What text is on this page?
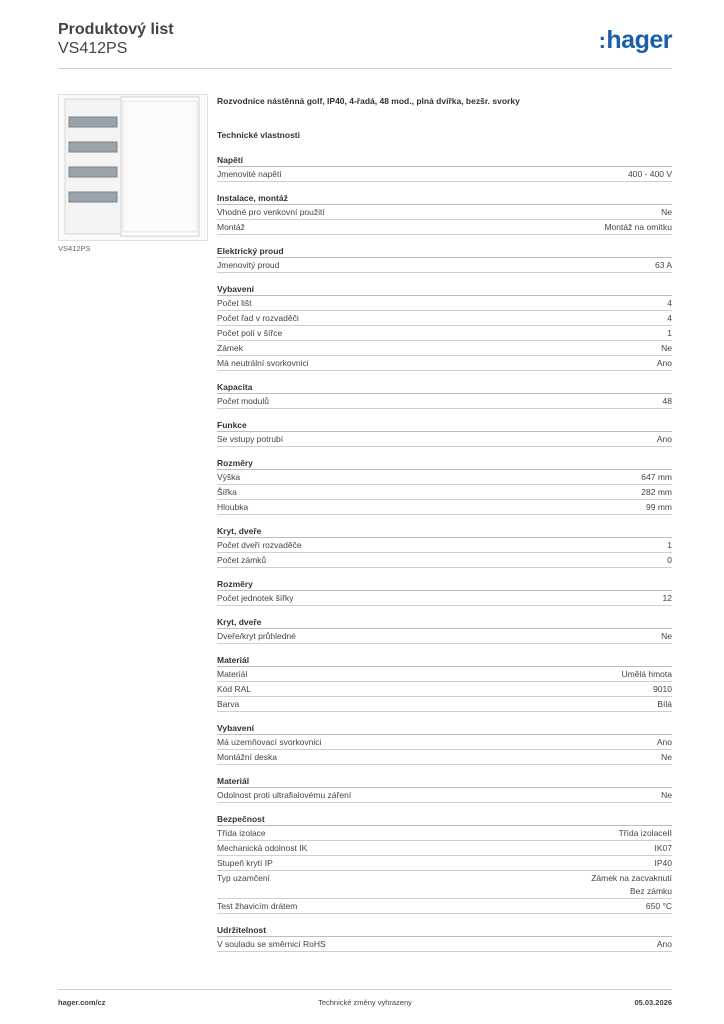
Produktový list
VS412PS	:hager
VS412PS
Rozvodnice nástěnná golf, IP40, 4-řadá, 48 mod., plná dvířka, bezšr. svorky
Technické vlastnosti
Napětí
Jmenovité napětí	400 - 400 V
Instalace, montáž
Vhodné pro venkovní použití	Ne
Montáž	Montáž na omítku
Elektrický proud
Jmenovitý proud	63 A
Vybavení
Počet lišt	4
Počet řad v rozvaděči	4
Počet polí v šířce	1
Zámek	Ne
Má neutrální svorkovnici	Ano
Kapacita
Počet modulů	48
Funkce
Se vstupy potrubí	Ano
Rozměry
Výška	647 mm
Šířka	282 mm
Hloubka	99 mm
Kryt, dveře
Počet dveří rozvaděče	1
Počet zámků	0
Rozměry
Počet jednotek šířky	12
Kryt, dveře
Dveře/kryt průhledné	Ne
Materiál
Materiál	Umělá hmota
Kód RAL	9010
Barva	Bílá
Vybavení
Má uzemňovací svorkovnici	Ano
Montážní deska	Ne
Materiál
Odolnost proti ultrafialovému záření	Ne
Bezpečnost
Třída izolace	Třída izolaceII
Mechanická odolnost IK	IK07
Stupeň krytí IP	IP40
Typ uzamčení	Zámek na zacvaknutí
Bez zámku
Test žhavicím drátem	650 °C
Udržitelnost
V souladu se směrnicí RoHS	Ano
hager.com/cz	Technické změny vyhrazeny	05.03.2026
